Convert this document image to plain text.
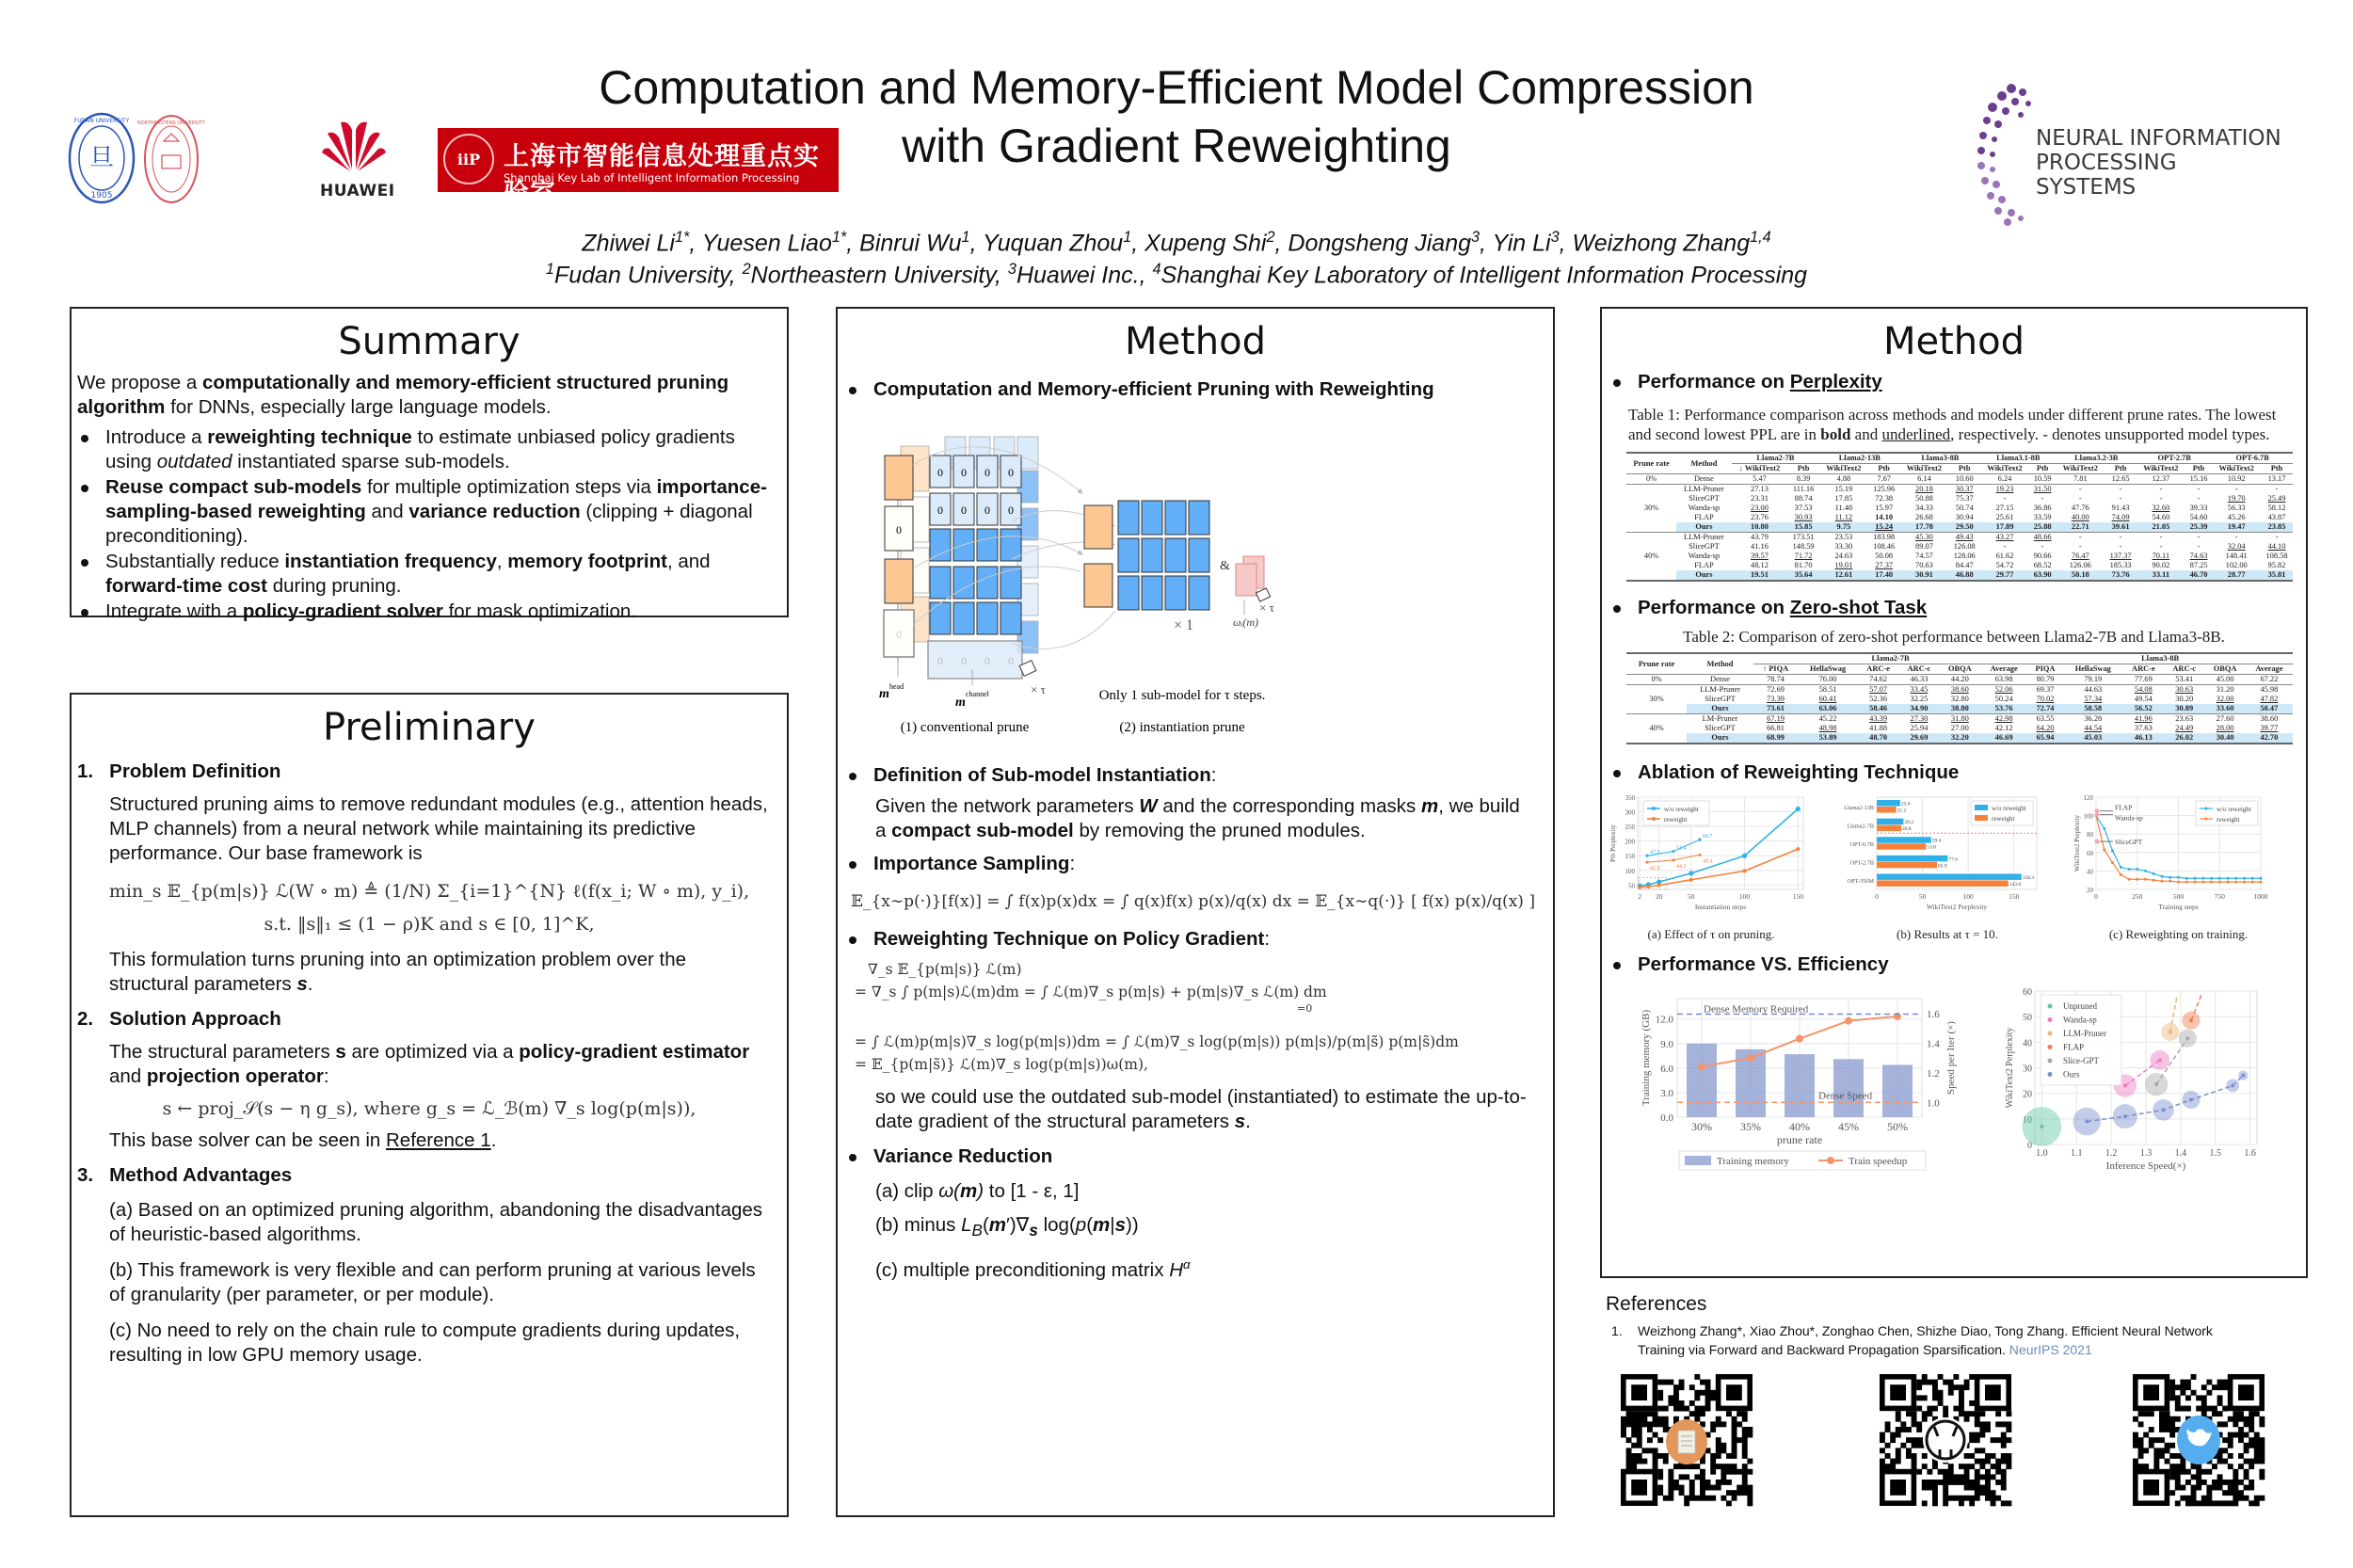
旦
1905
FUDAN UNIVERSITY NORTHEASTERN UNIVERSITY
HUAWEI
iiP 上海市智能信息处理重点实验室
Shanghai Key Lab of Intelligent Information Processing
Computation and Memory-Efficient Model Compression
with Gradient Reweighting
Zhiwei $Li^{1*}$, Yuesen Liao$^{1*}$, Binrui Wu$^1$, Yuquan Zhou$^1$, Xupeng Shi$^2$, Dongsheng Jiang$^3$, Yin Li$^3$, Weizhong Zhang$^{1,4}$
$^1$Fudan University, $^2$Northeastern University, $^3$Huawei Inc., $^4$Shanghai Key Laboratory of Intelligent Information Processing
NEURAL INFORMATION
PROCESSING SYSTEMS
Summary
We propose a computationally and memory-efficient structured pruning algorithm for DNNs, especially large language models.
Introduce a reweighting technique to estimate unbiased policy gradients using outdated instantiated sparse sub-models.
Reuse compact sub-models for multiple optimization steps via importance-sampling-based reweighting and variance reduction (clipping + diagonal preconditioning).
Substantially reduce instantiation frequency, memory footprint, and forward-time cost during pruning.
Integrate with a policy-gradient solver for mask optimization.
Preliminary
1.   Problem Definition
Structured pruning aims to remove redundant modules (e.g., attention heads, MLP channels) from a neural network while maintaining its predictive performance. Our base framework is
min_s 𝔼_{p(m|s)} ℒ(W ∘ m) ≜ (1/N) Σ_{i=1}^{N} ℓ(f(x_i; W ∘ m), y_i),
s.t. ‖s‖₁ ≤ (1 − ρ)K and s ∈ [0, 1]^K,
This formulation turns pruning into an optimization problem over the structural parameters s.
2.   Solution Approach
The structural parameters s are optimized via a policy-gradient estimator and projection operator:
s ← proj_𝒮(s − η g_s), where g_s = ℒ_ℬ(m) ∇_s log(p(m|s)),
This base solver can be seen in Reference 1.
3.   Method Advantages
(a) Based on an optimized pruning algorithm, abandoning the disadvantages of heuristic-based algorithms.
(b) This framework is very flexible and can perform pruning at various levels of granularity (per parameter, or per module).
(c) No need to rely on the chain rule to compute gradients during updates, resulting in low GPU memory usage.
Method
Computation and Memory-efficient Pruning with Reweighting
0
0
0 0 0 0
0 0 0 0
0 0 0 0
× 1
&
× τ
ωᵢ(m)
× τ
m
head
m
channel	Only 1 sub-model for τ steps.
(1) conventional prune	(2) instantiation prune
Definition of Sub-model Instantiation:
Given the network parameters W and the corresponding masks m, we build a compact sub-model by removing the pruned modules.
Importance Sampling:
𝔼_{x∼p(·)}[f(x)] = ∫ f(x)p(x)dx = ∫ q(x)f(x) p(x)/q(x) dx = 𝔼_{x∼q(·)} [ f(x) p(x)/q(x) ]
Reweighting Technique on Policy Gradient:
∇_s 𝔼_{p(m|s)} ℒ(m)
= ∇_s ∫ p(m|s)ℒ(m)dm = ∫ ℒ(m)∇_s p(m|s) + p(m|s)∇_s ℒ(m) dm
=0
= ∫ ℒ(m)p(m|s)∇_s log(p(m|s))dm = ∫ ℒ(m)∇_s log(p(m|s)) p(m|s)/p(m|s̃) p(m|s̃)dm
= 𝔼_{p(m|s̃)} ℒ(m)∇_s log(p(m|s))ω(m),
so we could use the outdated sub-model (instantiated) to estimate the up-to-date gradient of the structural parameters s.
Variance Reduction
(a) clip ω(m) to [1 - ε, 1]
(b) minus $L_B(m')\nabla_s$ log(p(m|s))
(c) multiple preconditioning matrix $H^\alpha$
Method
Performance on Perplexity
Table 1: Performance comparison across methods and models under different prune rates. The lowest and second lowest PPL are in bold and underlined, respectively. - denotes unsupported model types.
Prune rate	Method	Llama2-7B	Llama2-13B	Llama3-8B	Llama3.1-8B	Llama3.2-3B	OPT-2.7B	OPT-6.7B
↓ WikiText2	Ptb	WikiText2	Ptb	WikiText2	Ptb	WikiText2	Ptb	WikiText2	Ptb	WikiText2	Ptb	WikiText2	Ptb
0%	Dense	5.47	8.39	4.88	7.67	6.14	10.60	6.24	10.59	7.81	12.65	12.37	15.16	10.92	13.17
30%	LLM-Pruner	27.13	111.16	15.19	125.96	20.18	30.37	19.23	31.50	-	-	-	-	-	-
SliceGPT	23.31	88.74	17.85	72.38	50.88	75.37	-	-	-	-	-	-	19.70	25.49
Wanda-sp	23.00	37.53	11.48	15.97	34.33	50.74	27.15	36.86	47.76	91.43	32.60	39.33	56.33	58.12
FLAP	23.76	30.93	11.12	14.10	26.68	30.94	25.61	33.59	40.00	74.09	54.60	54.60	45.26	43.87
Ours	10.80	15.85	9.75	15.24	17.78	29.50	17.89	25.88	22.71	39.61	21.05	25.39	19.47	23.85
40%	LLM-Pruner	43.79	173.51	23.53	183.98	45.30	49.43	43.27	48.66	-	-	-	-	-	-
SliceGPT	41.16	148.59	33.30	108.46	89.07	126.08	-	-	-	-	-	-	32.04	44.10
Wanda-sp	39.57	71.72	24.63	50.08	74.57	128.06	61.62	90.66	76.47	137.37	70.11	74.63	148.41	108.58
FLAP	48.12	81.70	19.01	27.37	70.63	84.47	54.72	68.52	126.06	185.33	90.02	87.25	102.00	95.82
Ours	19.51	35.64	12.61	17.40	30.91	46.88	29.77	63.90	50.18	73.76	33.11	46.70	28.77	35.81
Performance on Zero-shot Task
Table 2: Comparison of zero-shot performance between Llama2-7B and Llama3-8B.
Prune rate	Method	Llama2-7B	Llama3-8B
↑ PIQA	HellaSwag	ARC-e	ARC-c	OBQA	Average	PIQA	HellaSwag	ARC-e	ARC-c	OBQA	Average
0%	Dense	78.74	76.00	74.62	46.33	44.20	63.98	80.79	79.19	77.69	53.41	45.00	67.22
30%	LLM-Pruner	72.69	58.51	57.07	33.45	38.60	52.06	69.37	44.63	54.08	30.63	31.20	45.98
SliceGPT	73.39	60.41	52.36	32.25	32.80	50.24	70.02	57.34	49.54	30.20	32.00	47.82
Ours	73.61	63.06	58.46	34.90	38.80	53.76	72.74	58.58	56.52	30.89	33.60	50.47
40%	LM-Pruner	67.19	45.22	43.39	27.30	31.80	42.98	63.55	36.28	41.96	23.63	27.60	38.60
SliceGPT	66.81	48.98	41.88	25.94	27.00	42.12	64.20	44.54	37.63	24.49	28.00	39.77
Ours	68.99	53.89	48.70	29.69	32.20	46.69	65.94	45.03	46.13	26.02	30.40	42.70
Ablation of Reweighting Technique
50
100
150
200
250
300
350
2 20	50	100	150
Instantiation steps
Ptb Perplexity	47.5
51.4
60.7
42.5	44.2
49.4
w/o reweight
reweight
(a) Effect of τ on pruning.
Llama2-13B
25.6
21.2
Llama2-7B
29.2
26.8
OPT-6.7B
59.4
53.8
OPT-2.7B
77.6
65.9
OPT-350M
158.3
143.8
0	50	100	150
WikiText2 Perplexity
w/o reweight
reweight
(b) Results at τ = 10.
20
40
60
80
100
120
0	250	500	750	1000
Training steps
WikiText2 Perplexity
FLAP
Wanda-sp
SliceGPT
w/o reweight
reweight
(c) Reweighting on training.
Performance VS. Efficiency
0.0
3.0
6.0
9.0
12.0
1.0
1.2
1.4
1.6
30%	35%	40%	45%	50%
Dense Memory Required
Dense Speed
prune rate
Training memory (GB)	Speed per Iter (×)
Training memory	Train speedup
1.0 1.1 1.2 1.3 1.4 1.5 1.6
0
10
20
30
40
50
60
Unpruned
Wanda-sp
LLM-Pruner
FLAP
Slice-GPT
Ours
Inference Speed(×)
WikiText2 Perplexity
References
1.	Weizhong Zhang*, Xiao Zhou*, Zonghao Chen, Shizhe Diao, Tong Zhang. Efficient Neural Network Training via Forward and Backward Propagation Sparsification. NeurIPS 2021
